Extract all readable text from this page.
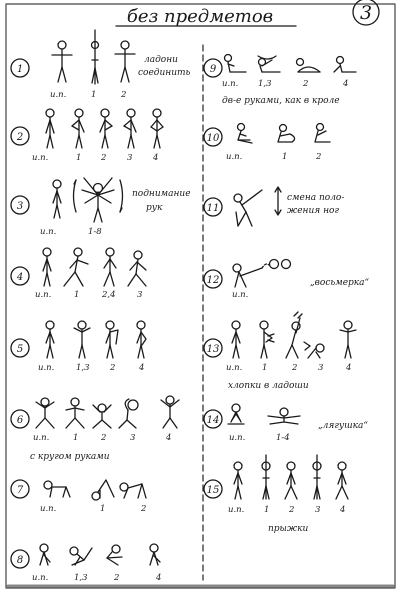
без предметов	3
1
и.п.	1	2
ладони
соединить
2
и.п.	1 2 3 4
3
и.п.	1-8
поднимание
рук
4
и.п.	1	2,4	3
5
и.п.	1,3 2	4
6
и.п.	1	2	3	4
с кругом руками
7
и.п.	1	2
8
и.п.	1,3	2	4
9
и.п. 1,3	2	4
дв-е руками, как в кроле
10
и.п.	1	2
11
смена поло-
жения ног
12
и.п.
„восьмерка“
13
и.п. 1	2 3	4
хлопки в ладоши
14
и.п.	1-4
„лягушка“
15
и.п. 1 2 3 4
прыжки
